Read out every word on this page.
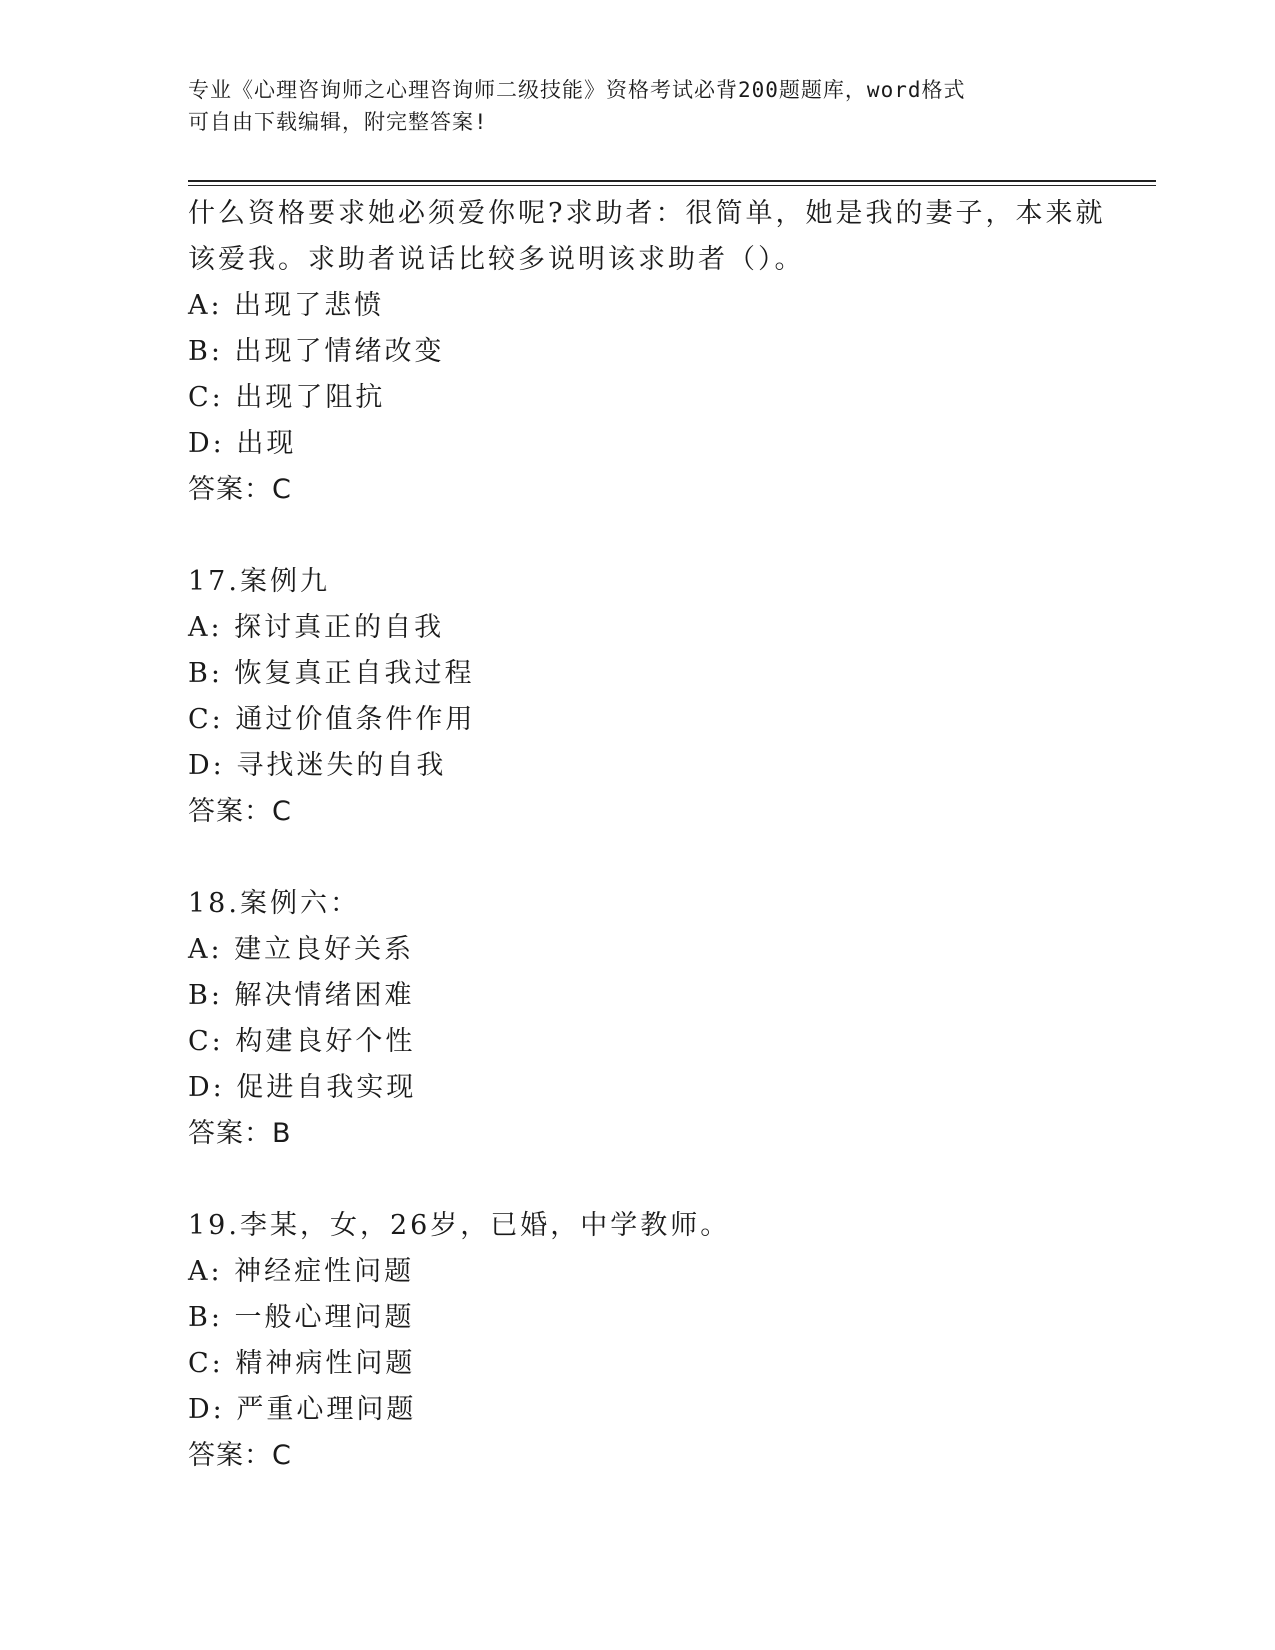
专业《心理咨询师之心理咨询师二级技能》资格考试必背200题题库，word格式
可自由下载编辑，附完整答案!
什么资格要求她必须爱你呢?求助者：很简单，她是我的妻子，本来就
该爱我。求助者说话比较多说明该求助者（）。
A: 出现了悲愤
B: 出现了情绪改变
C: 出现了阻抗
D: 出现
答案：C
17.案例九
A: 探讨真正的自我
B: 恢复真正自我过程
C: 通过价值条件作用
D: 寻找迷失的自我
答案：C
18.案例六：
A: 建立良好关系
B: 解决情绪困难
C: 构建良好个性
D: 促进自我实现
答案：B
19.李某，女，26岁，已婚，中学教师。
A: 神经症性问题
B: 一般心理问题
C: 精神病性问题
D: 严重心理问题
答案：C
